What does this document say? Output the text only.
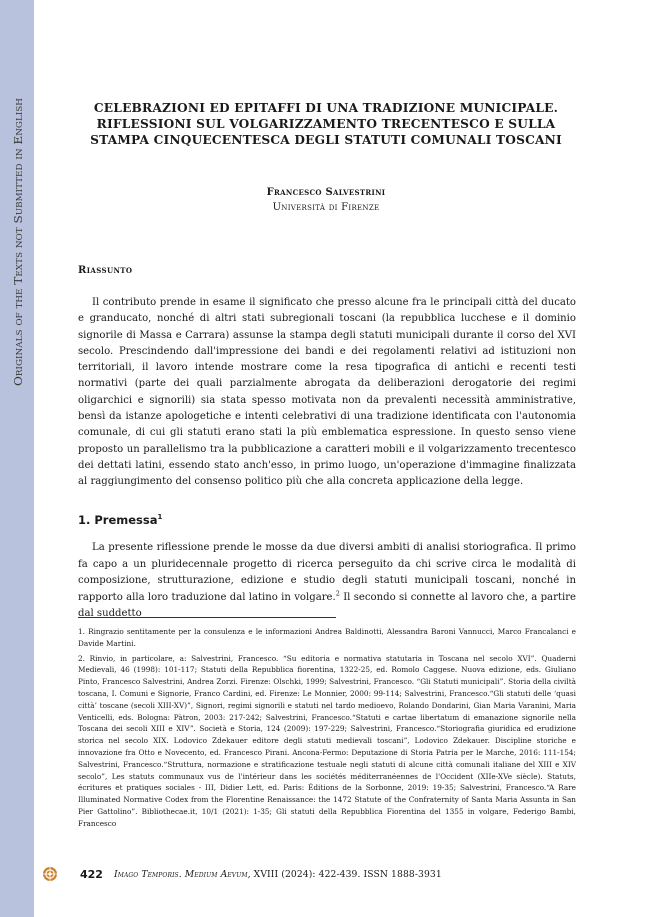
Originals of the Texts not Submitted in English
CELEBRAZIONI ED EPITAFFI DI UNA TRADIZIONE MUNICIPALE.
RIFLESSIONI SUL VOLGARIZZAMENTO TRECENTESCO E SULLA
STAMPA CINQUECENTESCA DEGLI STATUTI COMUNALI TOSCANI
Francesco Salvestrini
Università di Firenze
Riassunto

Il contributo prende in esame il significato che presso alcune fra le principali città del ducato e granducato, nonché di altri stati subregionali toscani (la repubblica lucchese e il dominio signorile di Massa e Carrara) assunse la stampa degli statuti municipali durante il corso del XVI secolo. Prescindendo dall'impressione dei bandi e dei regolamenti relativi ad istituzioni non territoriali, il lavoro intende mostrare come la resa tipografica di antichi e recenti testi normativi (parte dei quali parzialmente abrogata da deliberazioni derogatorie dei regimi oligarchici e signorili) sia stata spesso motivata non da prevalenti necessità amministrative, bensì da istanze apologetiche e intenti celebrativi di una tradizione identificata con l'autonomia comunale, di cui gli statuti erano stati la più emblematica espressione. In questo senso viene proposto un parallelismo tra la pubblicazione a caratteri mobili e il volgarizzamento trecentesco dei dettati latini, essendo stato anch'esso, in primo luogo, un'operazione d'immagine finalizzata al raggiungimento del consenso politico più che alla concreta applicazione della legge.

1. Premessa$^1$

La presente riflessione prende le mosse da due diversi ambiti di analisi storiografica. Il primo fa capo a un pluridecennale progetto di ricerca perseguito da chi scrive circa le modalità di composizione, strutturazione, edizione e studio degli statuti municipali toscani, nonché in rapporto alla loro traduzione dal latino in volgare.$^2$ Il secondo si connette al lavoro che, a partire dal suddetto

1. Ringrazio sentitamente per la consulenza e le informazioni Andrea Baldinotti, Alessandra Baroni Vannucci, Marco Francalanci e Davide Martini.

2. Rinvio, in particolare, a: Salvestrini, Francesco. “Su editoria e normativa statutaria in Toscana nel secolo XVI”. Quaderni Medievali, 46 (1998): 101-117; Statuti della Repubblica fiorentina, 1322-25, ed. Romolo Caggese. Nuova edizione, eds. Giuliano Pinto, Francesco Salvestrini, Andrea Zorzi. Firenze: Olschki, 1999; Salvestrini, Francesco. “Gli Statuti municipali”. Storia della civiltà toscana, I. Comuni e Signorie, Franco Cardini, ed. Firenze: Le Monnier, 2000: 99-114; Salvestrini, Francesco.“Gli statuti delle ‘quasi città’ toscane (secoli XIII-XV)”, Signori, regimi signorili e statuti nel tardo medioevo, Rolando Dondarini, Gian Maria Varanini, Maria Venticelli, eds. Bologna: Pàtron, 2003: 217-242; Salvestrini, Francesco.“Statuti e cartae libertatum di emanazione signorile nella Toscana dei secoli XIII e XIV”. Società e Storia, 124 (2009): 197-229; Salvestrini, Francesco.“Storiografia giuridica ed erudizione storica nel secolo XIX. Lodovico Zdekauer editore degli statuti medievali toscani”, Lodovico Zdekauer. Discipline storiche e innovazione fra Otto e Novecento, ed. Francesco Pirani. Ancona-Fermo: Deputazione di Storia Patria per le Marche, 2016: 111-154; Salvestrini, Francesco.“Struttura, normazione e stratificazione testuale negli statuti di alcune città comunali italiane del XIII e XIV secolo”, Les statuts communaux vus de l'intérieur dans les sociétés méditerranéennes de l'Occident (XIIe-XVe siècle). Statuts, écritures et pratiques sociales - III, Didier Lett, ed. Paris: Éditions de la Sorbonne, 2019: 19-35; Salvestrini, Francesco.“A Rare Illuminated Normative Codex from the Florentine Renaissance: the 1472 Statute of the Confraternity of Santa Maria Assunta in San Pier Gattolino”. Bibliothecae.it, 10/1 (2021): 1-35; Gli statuti della Repubblica Fiorentina del 1355 in volgare, Federigo Bambi, Francesco

422 Imago Temporis. Medium Aevum, XVIII (2024): 422-439. ISSN 1888-3931
